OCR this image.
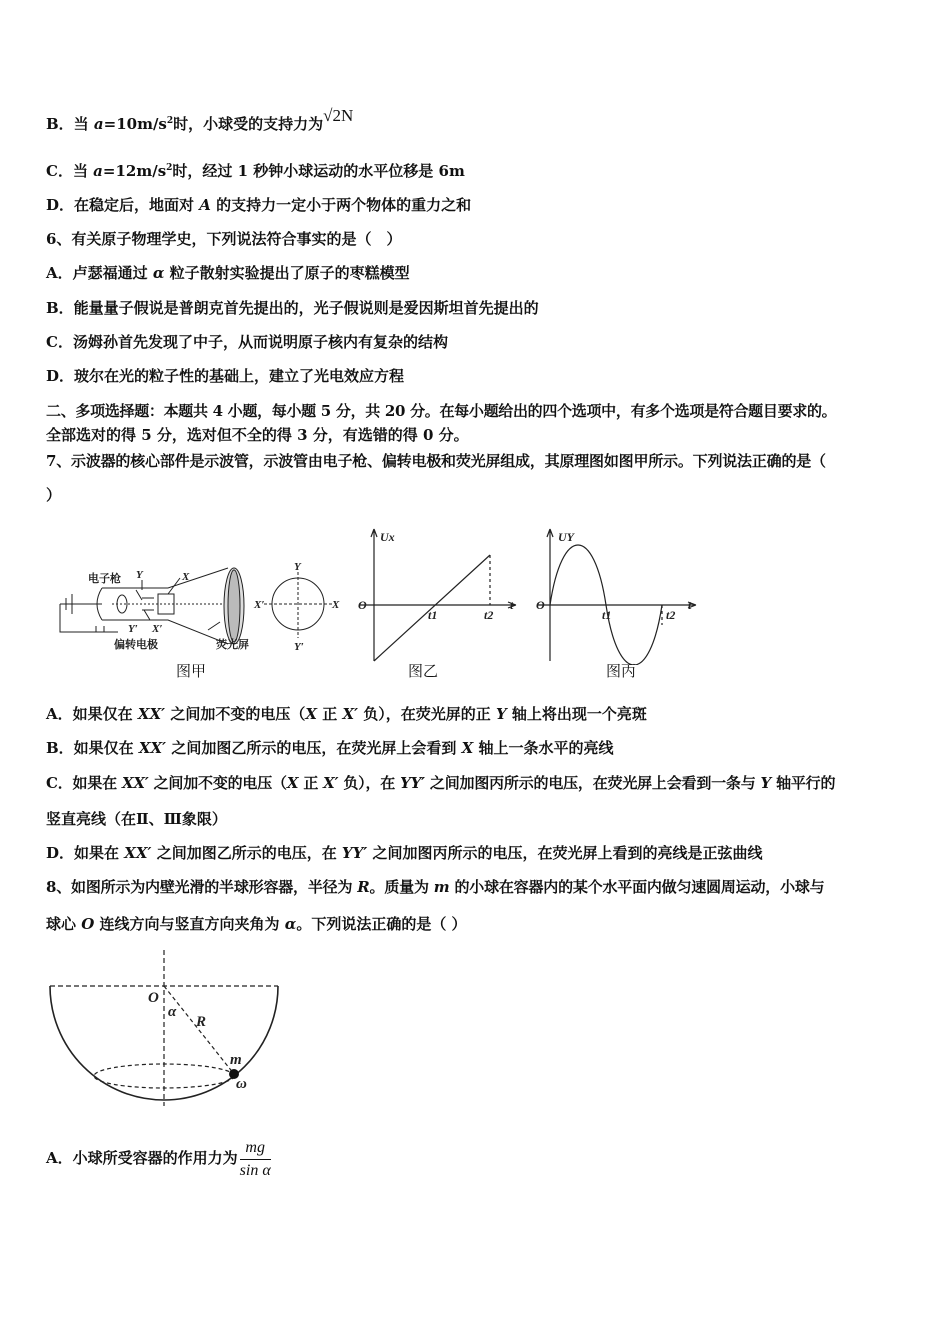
B．当 $a=10m/s^2$时，小球受的支持力为√2N
C．当 $a=12m/s^2$时，经过 1 秒钟小球运动的水平位移是 6m
D．在稳定后，地面对 A 的支持力一定小于两个物体的重力之和
6、有关原子物理学史，下列说法符合事实的是（　）
A．卢瑟福通过 α 粒子散射实验提出了原子的枣糕模型
B．能量量子假说是普朗克首先提出的，光子假说则是爱因斯坦首先提出的
C．汤姆孙首先发现了中子，从而说明原子核内有复杂的结构
D．玻尔在光的粒子性的基础上，建立了光电效应方程
二、多项选择题：本题共 4 小题，每小题 5 分，共 20 分。在每小题给出的四个选项中，有多个选项是符合题目要求的。
全部选对的得 5 分，选对但不全的得 3 分，有选错的得 0 分。
7、示波器的核心部件是示波管，示波管由电子枪、偏转电极和荧光屏组成，其原理图如图甲所示。下列说法正确的是（
）
电子枪 Y	X
Y′ X′
偏转电极	荧光屏
Y
Y′
X′	X
图甲
Ux
O
t1	t2
t
图乙
UY
O
t1	t2
t
图丙
A．如果仅在 XX′ 之间加不变的电压（X 正 X′ 负），在荧光屏的正 Y 轴上将出现一个亮斑
B．如果仅在 XX′ 之间加图乙所示的电压，在荧光屏上会看到 X 轴上一条水平的亮线
C．如果在 XX′ 之间加不变的电压（X 正 X′ 负），在 YY′ 之间加图丙所示的电压，在荧光屏上会看到一条与 Y 轴平行的
竖直亮线（在Ⅱ、Ⅲ象限）
D．如果在 XX′ 之间加图乙所示的电压，在 YY′ 之间加图丙所示的电压，在荧光屏上看到的亮线是正弦曲线
8、如图所示为内壁光滑的半球形容器，半径为 R。质量为 m 的小球在容器内的某个水平面内做匀速圆周运动，小球与
球心 O 连线方向与竖直方向夹角为 α。下列说法正确的是（ ）
O
α
R
m
ω
A．小球所受容器的作用力为 $\frac{mg}{\text{sin α}}$
